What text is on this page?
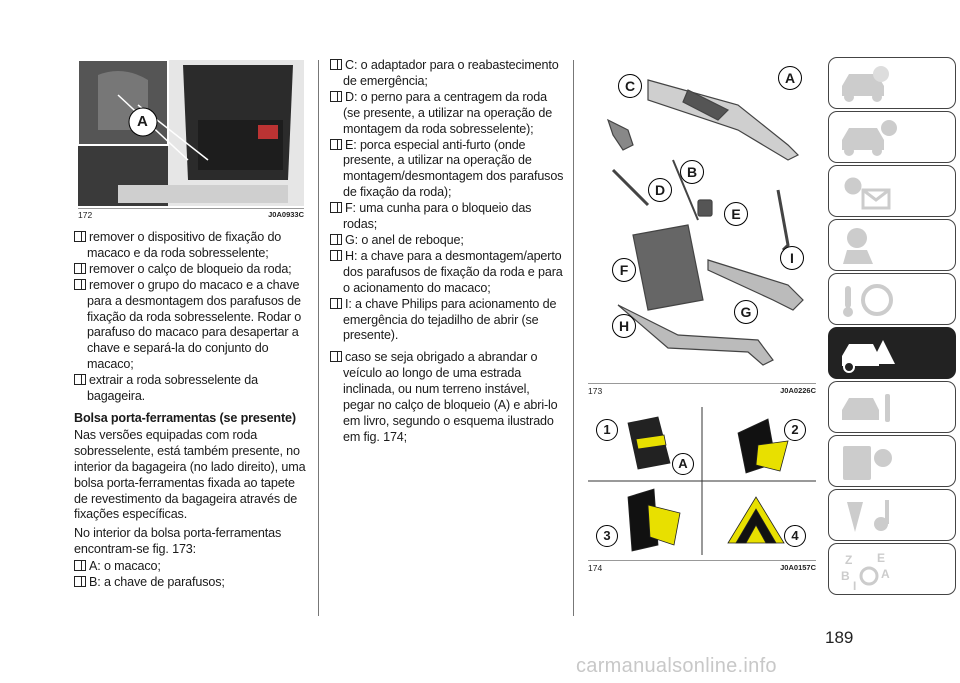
A
172	J0A0933C

remover o dispositivo de fixação do macaco e da roda sobresselente;

remover o calço de bloqueio da roda;

remover o grupo do macaco e a chave para a desmontagem dos parafusos de fixação da roda sobresselente. Rodar o parafuso do macaco para desapertar a chave e separá-la do conjunto do macaco;

extrair a roda sobresselente da bagageira.

Bolsa porta-ferramentas (se presente)

Nas versões equipadas com roda sobresselente, está também presente, no interior da bagageira (no lado direito), uma bolsa porta-ferramentas fixada ao tapete de revestimento da bagageira através de fixações específicas.

No interior da bolsa porta-ferramentas encontram-se fig. 173:

A: o macaco;

B: a chave de parafusos;

C: o adaptador para o reabastecimento de emergência;

D: o perno para a centragem da roda (se presente, a utilizar na operação de montagem da roda sobresselente);

E: porca especial anti-furto (onde presente, a utilizar na operação de montagem/desmontagem dos parafusos de fixação da roda);

F: uma cunha para o bloqueio das rodas;

G: o anel de reboque;

H: a chave para a desmontagem/aperto dos parafusos de fixação da roda e para o acionamento do macaco;

I: a chave Philips para acionamento de emergência do tejadilho de abrir (se presente).

caso se seja obrigado a abrandar o veículo ao longo de uma estrada inclinada, ou num terreno instável, pegar no calço de bloqueio (A) e abri-lo em livro, segundo o esquema ilustrado em fig. 174;

C	A
B
D
E
I
F
G
H
173	J0A0226C
1	2
3	4
A
174	J0A0157C
Z
B
E
A
I
189
carmanualsonline.info
